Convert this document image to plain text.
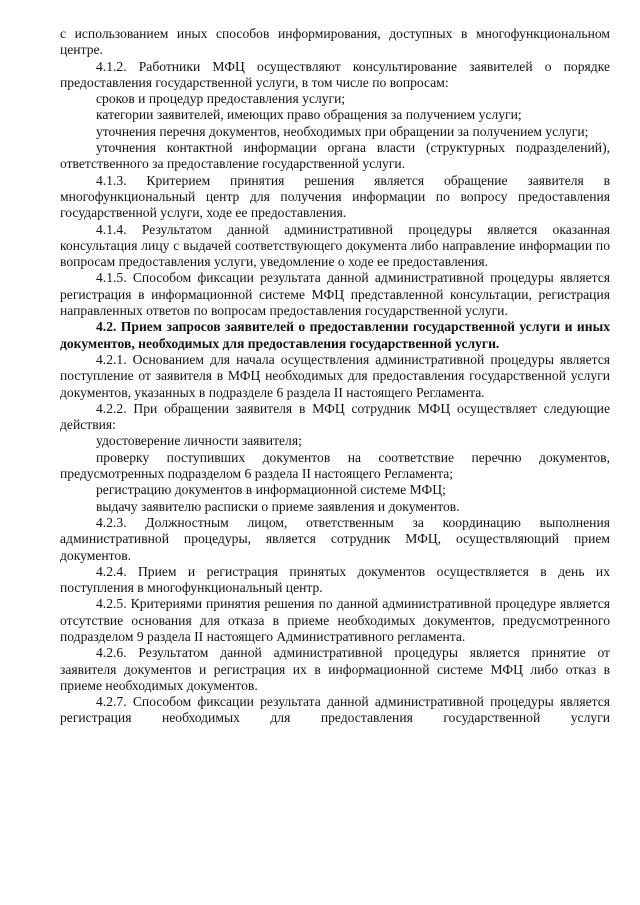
с использованием иных способов информирования, доступных в многофункциональном центре.

4.1.2. Работники МФЦ осуществляют консультирование заявителей о порядке предоставления государственной услуги, в том числе по вопросам:

сроков и процедур предоставления услуги;

категории заявителей, имеющих право обращения за получением услуги;

уточнения перечня документов, необходимых при обращении за получением услуги;

уточнения контактной информации органа власти (структурных подразделений), ответственного за предоставление государственной услуги.

4.1.3. Критерием принятия решения является обращение заявителя в многофункциональный центр для получения информации по вопросу предоставления государственной услуги, ходе ее предоставления.

4.1.4. Результатом данной административной процедуры является оказанная консультация лицу с выдачей соответствующего документа либо направление информации по вопросам предоставления услуги, уведомление о ходе ее предоставления.

4.1.5. Способом фиксации результата данной административной процедуры является регистрация в информационной системе МФЦ представленной консультации, регистрация направленных ответов по вопросам предоставления государственной услуги.

4.2. Прием запросов заявителей о предоставлении государственной услуги и иных документов, необходимых для предоставления государственной услуги.

4.2.1. Основанием для начала осуществления административной процедуры является поступление от заявителя в МФЦ необходимых для предоставления государственной услуги документов, указанных в подразделе 6 раздела II настоящего Регламента.

4.2.2. При обращении заявителя в МФЦ сотрудник МФЦ осуществляет следующие действия:

удостоверение личности заявителя;

проверку поступивших документов на соответствие перечню документов, предусмотренных подразделом 6 раздела II настоящего Регламента;

регистрацию документов в информационной системе МФЦ;

выдачу заявителю расписки о приеме заявления и документов.

4.2.3. Должностным лицом, ответственным за координацию выполнения административной процедуры, является сотрудник МФЦ, осуществляющий прием документов.

4.2.4. Прием и регистрация принятых документов осуществляется в день их поступления в многофункциональный центр.

4.2.5. Критериями принятия решения по данной административной процедуре является отсутствие основания для отказа в приеме необходимых документов, предусмотренного подразделом 9 раздела II настоящего Административного регламента.

4.2.6. Результатом данной административной процедуры является принятие от заявителя документов и регистрация их в информационной системе МФЦ либо отказ в приеме необходимых документов.

4.2.7. Способом фиксации результата данной административной процедуры является регистрация необходимых для предоставления государственной услуги
